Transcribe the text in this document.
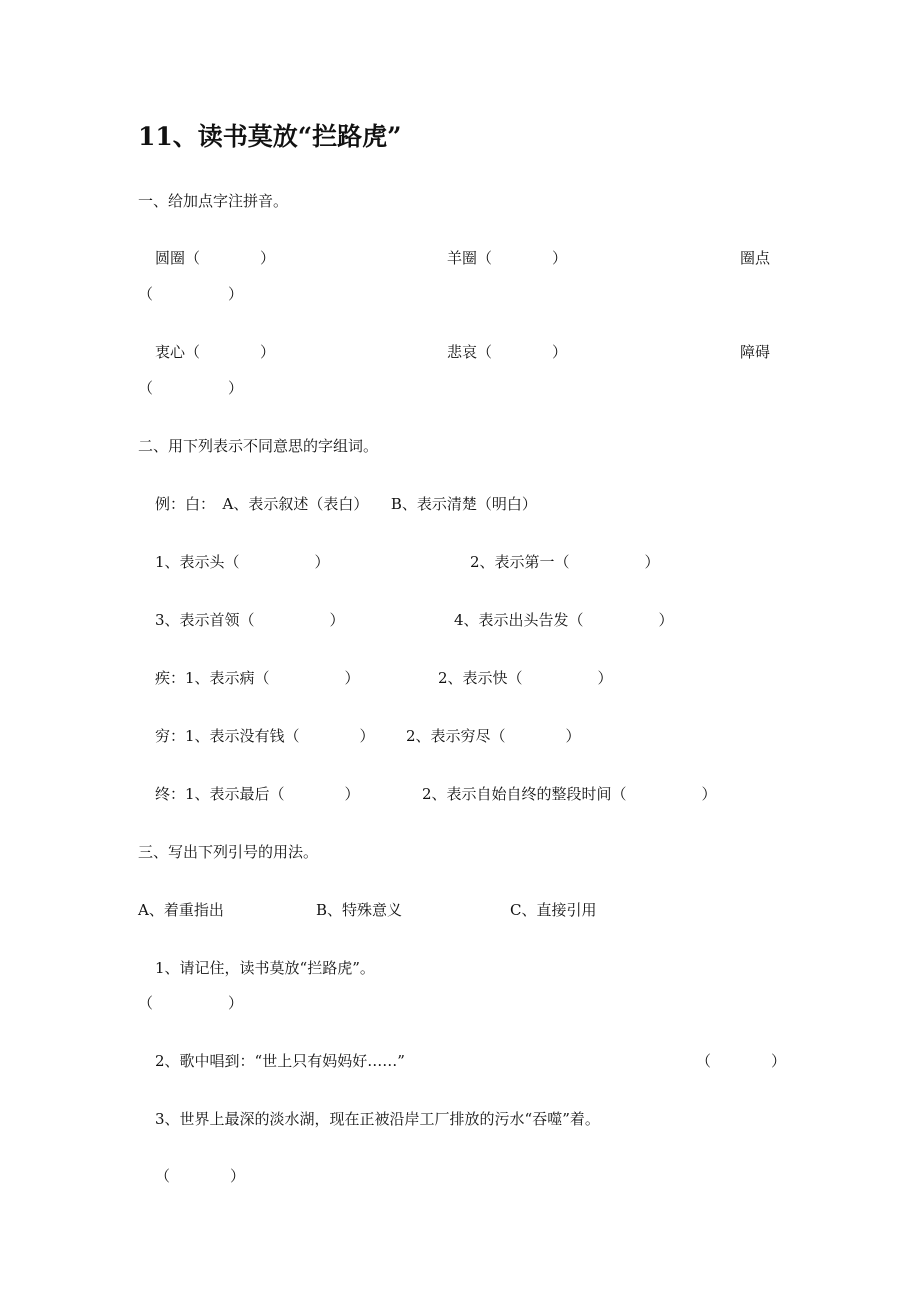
11、读书莫放“拦路虎”
一、给加点字注拼音。
圆圈（　　　　）	羊圈（　　　　）	圈点
（　　　　　）
衷心（　　　　）	悲哀（　　　　）	障碍
（　　　　　）
二、用下列表示不同意思的字组词。
例：白：　A、表示叙述（表白）　　B、表示清楚（明白）
1、表示头（　　　　　）	2、表示第一（　　　　　）
3、表示首领（　　　　　）	4、表示出头告发（　　　　　）
疾：1、表示病（　　　　　）	2、表示快（　　　　　）
穷：1、表示没有钱（　　　　） 2、表示穷尽（　　　　）
终：1、表示最后（　　　　）	2、表示自始自终的整段时间（　　　　　）
三、写出下列引号的用法。
A、着重指出	B、特殊意义	C、直接引用
1、请记住，读书莫放“拦路虎”。
（　　　　　）
2、歌中唱到：“世上只有妈妈好……”	（　　　　）
3、世界上最深的淡水湖，现在正被沿岸工厂排放的污水“吞噬”着。
（　　　　）
